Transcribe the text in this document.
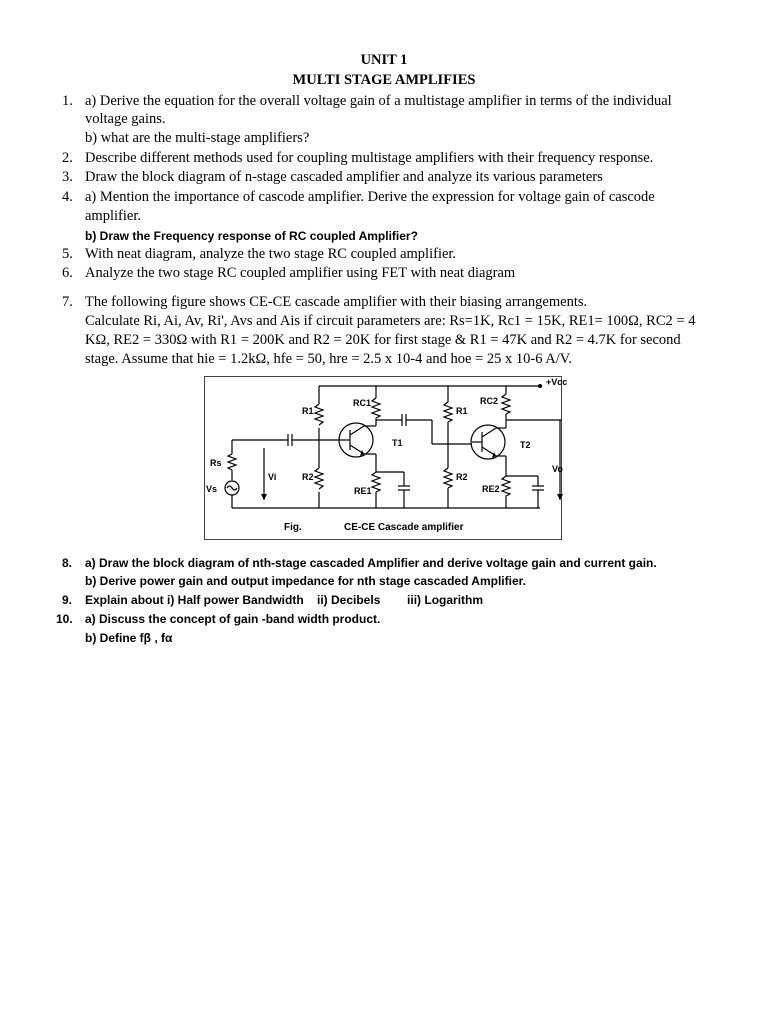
UNIT 1
MULTI STAGE AMPLIFIES
1. a) Derive the equation for the overall voltage gain of a multistage amplifier in terms of the individual
voltage gains.
b) what are the multi-stage amplifiers?
2. Describe different methods used for coupling multistage amplifiers with their frequency response.
3. Draw the block diagram of n-stage cascaded amplifier and analyze its various parameters
4. a) Mention the importance of cascode amplifier. Derive the expression for voltage gain of cascode
amplifier.
b) Draw the Frequency response of RC coupled Amplifier?
5. With neat diagram, analyze the two stage RC coupled amplifier.
6. Analyze the two stage RC coupled amplifier using FET with neat diagram
7. The following figure shows CE-CE cascade amplifier with their biasing arrangements.
Calculate Ri, Ai, Av, Ri', Avs and Ais if circuit parameters are: Rs=1K, Rc1 = 15K, RE1= 100Ω, RC2 = 4
KΩ, RE2 = 330Ω with R1 = 200K and R2 = 20K for first stage & R1 = 47K and R2 = 4.7K for second
stage. Assume that hie = 1.2kΩ, hfe = 50, hre = 2.5 x 10-4 and hoe = 25 x 10-6 A/V.
+Vcc
Rs
Vs
Vi
R1
R2
RC1
RE1
T1
R1
R2
RC2
RE2
T2
Vo
Fig.	CE-CE Cascade amplifier
8. a) Draw the block diagram of nth-stage cascaded Amplifier and derive voltage gain and current gain.
b) Derive power gain and output impedance for nth stage cascaded Amplifier.
9. Explain about i) Half power Bandwidth    ii) Decibels        iii) Logarithm
10. a) Discuss the concept of gain -band width product.
b) Define fβ , fα
